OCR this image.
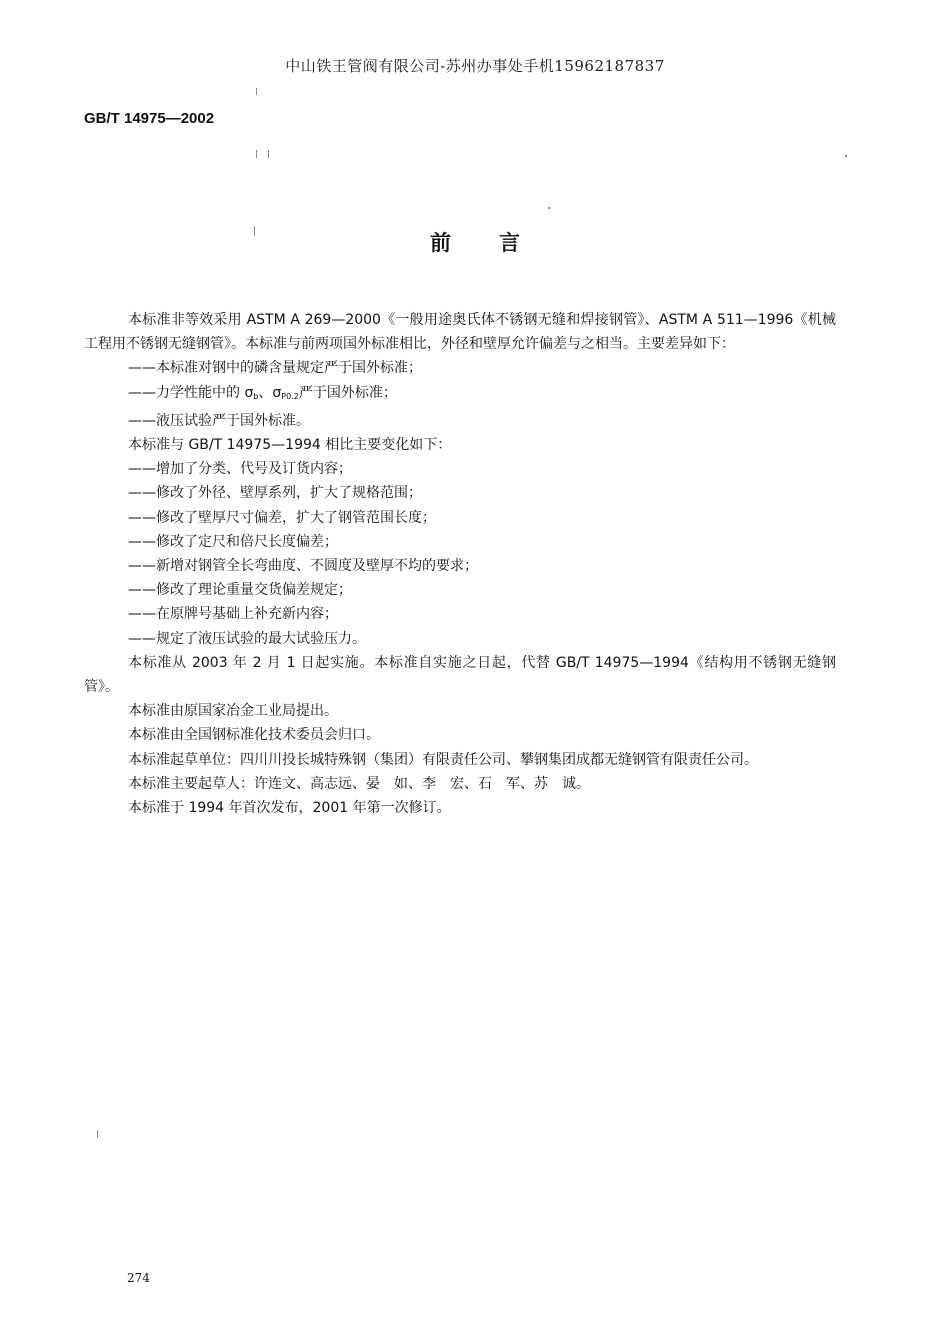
中山铁王管阀有限公司-苏州办事处手机15962187837
GB/T 14975—2002
前言

本标准非等效采用 ASTM A 269—2000《一般用途奥氏体不锈钢无缝和焊接钢管》、ASTM A 511—1996《机械工程用不锈钢无缝钢管》。本标准与前两项国外标准相比，外径和壁厚允许偏差与之相当。主要差异如下：

——本标准对钢中的磷含量规定严于国外标准；

——力学性能中的 $\sigma_b$、$\sigma_{P0.2}$严于国外标准；

——液压试验严于国外标准。

本标准与 GB/T 14975—1994 相比主要变化如下：

——增加了分类、代号及订货内容；

——修改了外径、壁厚系列，扩大了规格范围；

——修改了壁厚尺寸偏差，扩大了钢管范围长度；

——修改了定尺和倍尺长度偏差；

——新增对钢管全长弯曲度、不圆度及壁厚不均的要求；

——修改了理论重量交货偏差规定；

——在原牌号基础上补充新内容；

——规定了液压试验的最大试验压力。

本标准从 2003 年 2 月 1 日起实施。本标准自实施之日起，代替 GB/T 14975—1994《结构用不锈钢无缝钢管》。

本标准由原国家冶金工业局提出。

本标准由全国钢标准化技术委员会归口。

本标准起草单位：四川川投长城特殊钢（集团）有限责任公司、攀钢集团成都无缝钢管有限责任公司。

本标准主要起草人：许连文、高志远、晏　如、李　宏、石　军、苏　诚。

本标准于 1994 年首次发布，2001 年第一次修订。

274
